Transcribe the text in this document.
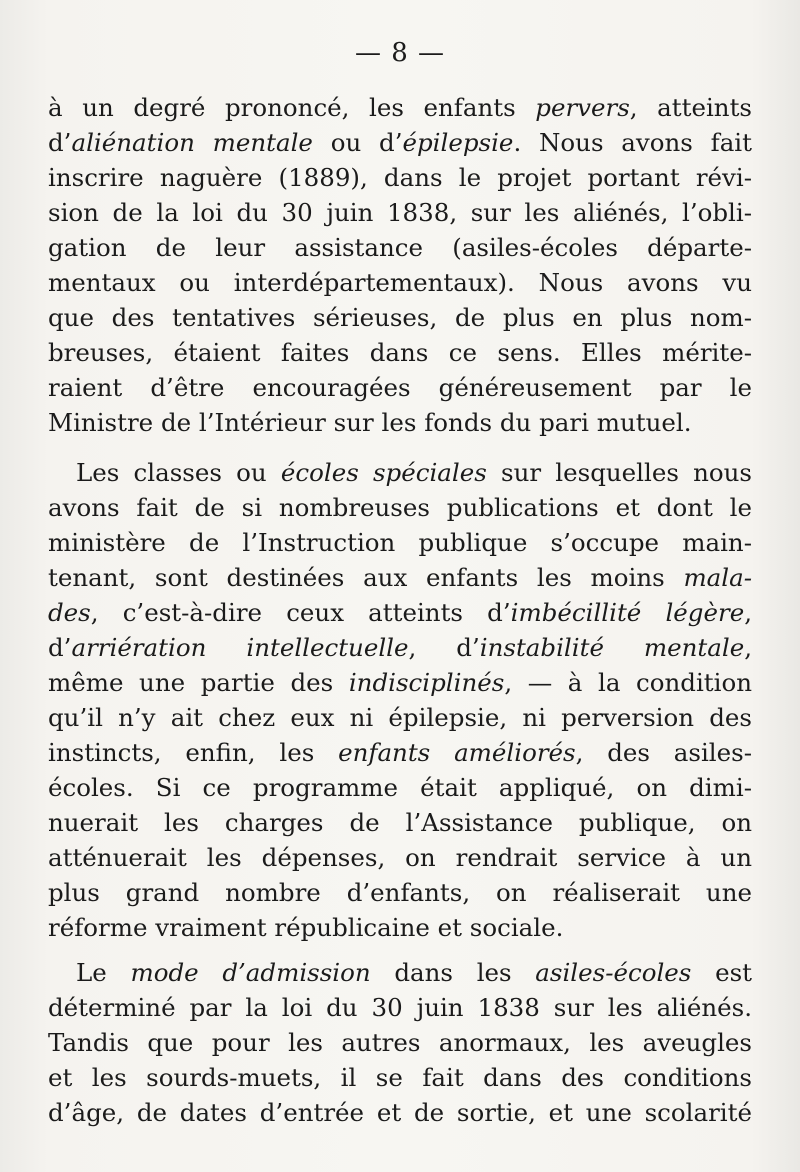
— 8 —
à un degré prononcé, les enfants pervers, atteints
d’aliénation mentale ou d’épilepsie. Nous avons fait
inscrire naguère (1889), dans le projet portant révi-
sion de la loi du 30 juin 1838, sur les aliénés, l’obli-
gation de leur assistance (asiles-écoles départe-
mentaux ou interdépartementaux). Nous avons vu
que des tentatives sérieuses, de plus en plus nom-
breuses, étaient faites dans ce sens. Elles mérite-
raient d’être encouragées généreusement par le
Ministre de l’Intérieur sur les fonds du pari mutuel.
Les classes ou écoles spéciales sur lesquelles nous
avons fait de si nombreuses publications et dont le
ministère de l’Instruction publique s’occupe main-
tenant, sont destinées aux enfants les moins mala-
des, c’est-à-dire ceux atteints d’imbécillité légère,
d’arriération intellectuelle, d’instabilité mentale,
même une partie des indisciplinés, — à la condition
qu’il n’y ait chez eux ni épilepsie, ni perversion des
instincts, enfin, les enfants améliorés, des asiles-
écoles. Si ce programme était appliqué, on dimi-
nuerait les charges de l’Assistance publique, on
atténuerait les dépenses, on rendrait service à un
plus grand nombre d’enfants, on réaliserait une
réforme vraiment républicaine et sociale.
Le mode d’admission dans les asiles-écoles est
déterminé par la loi du 30 juin 1838 sur les aliénés.
Tandis que pour les autres anormaux, les aveugles
et les sourds-muets, il se fait dans des conditions
d’âge, de dates d’entrée et de sortie, et une scolarité
